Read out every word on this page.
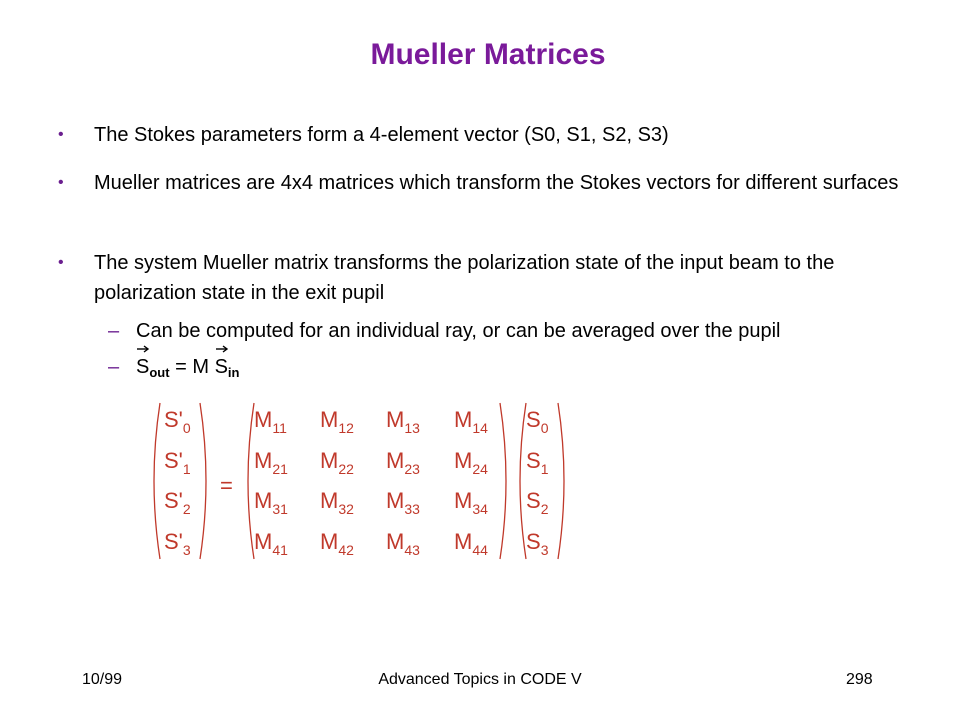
Mueller Matrices
• The Stokes parameters form a 4-element vector (S0, S1, S2, S3)
• Mueller matrices are 4x4 matrices which transform the Stokes vectors for different surfaces
• The system Mueller matrix transforms the polarization state of the input beam to the polarization state in the exit pupil
– Can be computed for an individual ray, or can be averaged over the pupil
– $S_{out} = M$
$S_{in}$
$S'_0$
$S'_1$
$S'_2$
$S'_3$
=
$M_{11}$ $M_{12}$ $M_{13}$ $M_{14}$
$M_{21}$ $M_{22}$ $M_{23}$ $M_{24}$
$M_{31}$ $M_{32}$ $M_{33}$ $M_{34}$
$M_{41}$ $M_{42}$ $M_{43}$ $M_{44}$
$S_0$
$S_1$
$S_2$
$S_3$
10/99	Advanced Topics in CODE V	298
